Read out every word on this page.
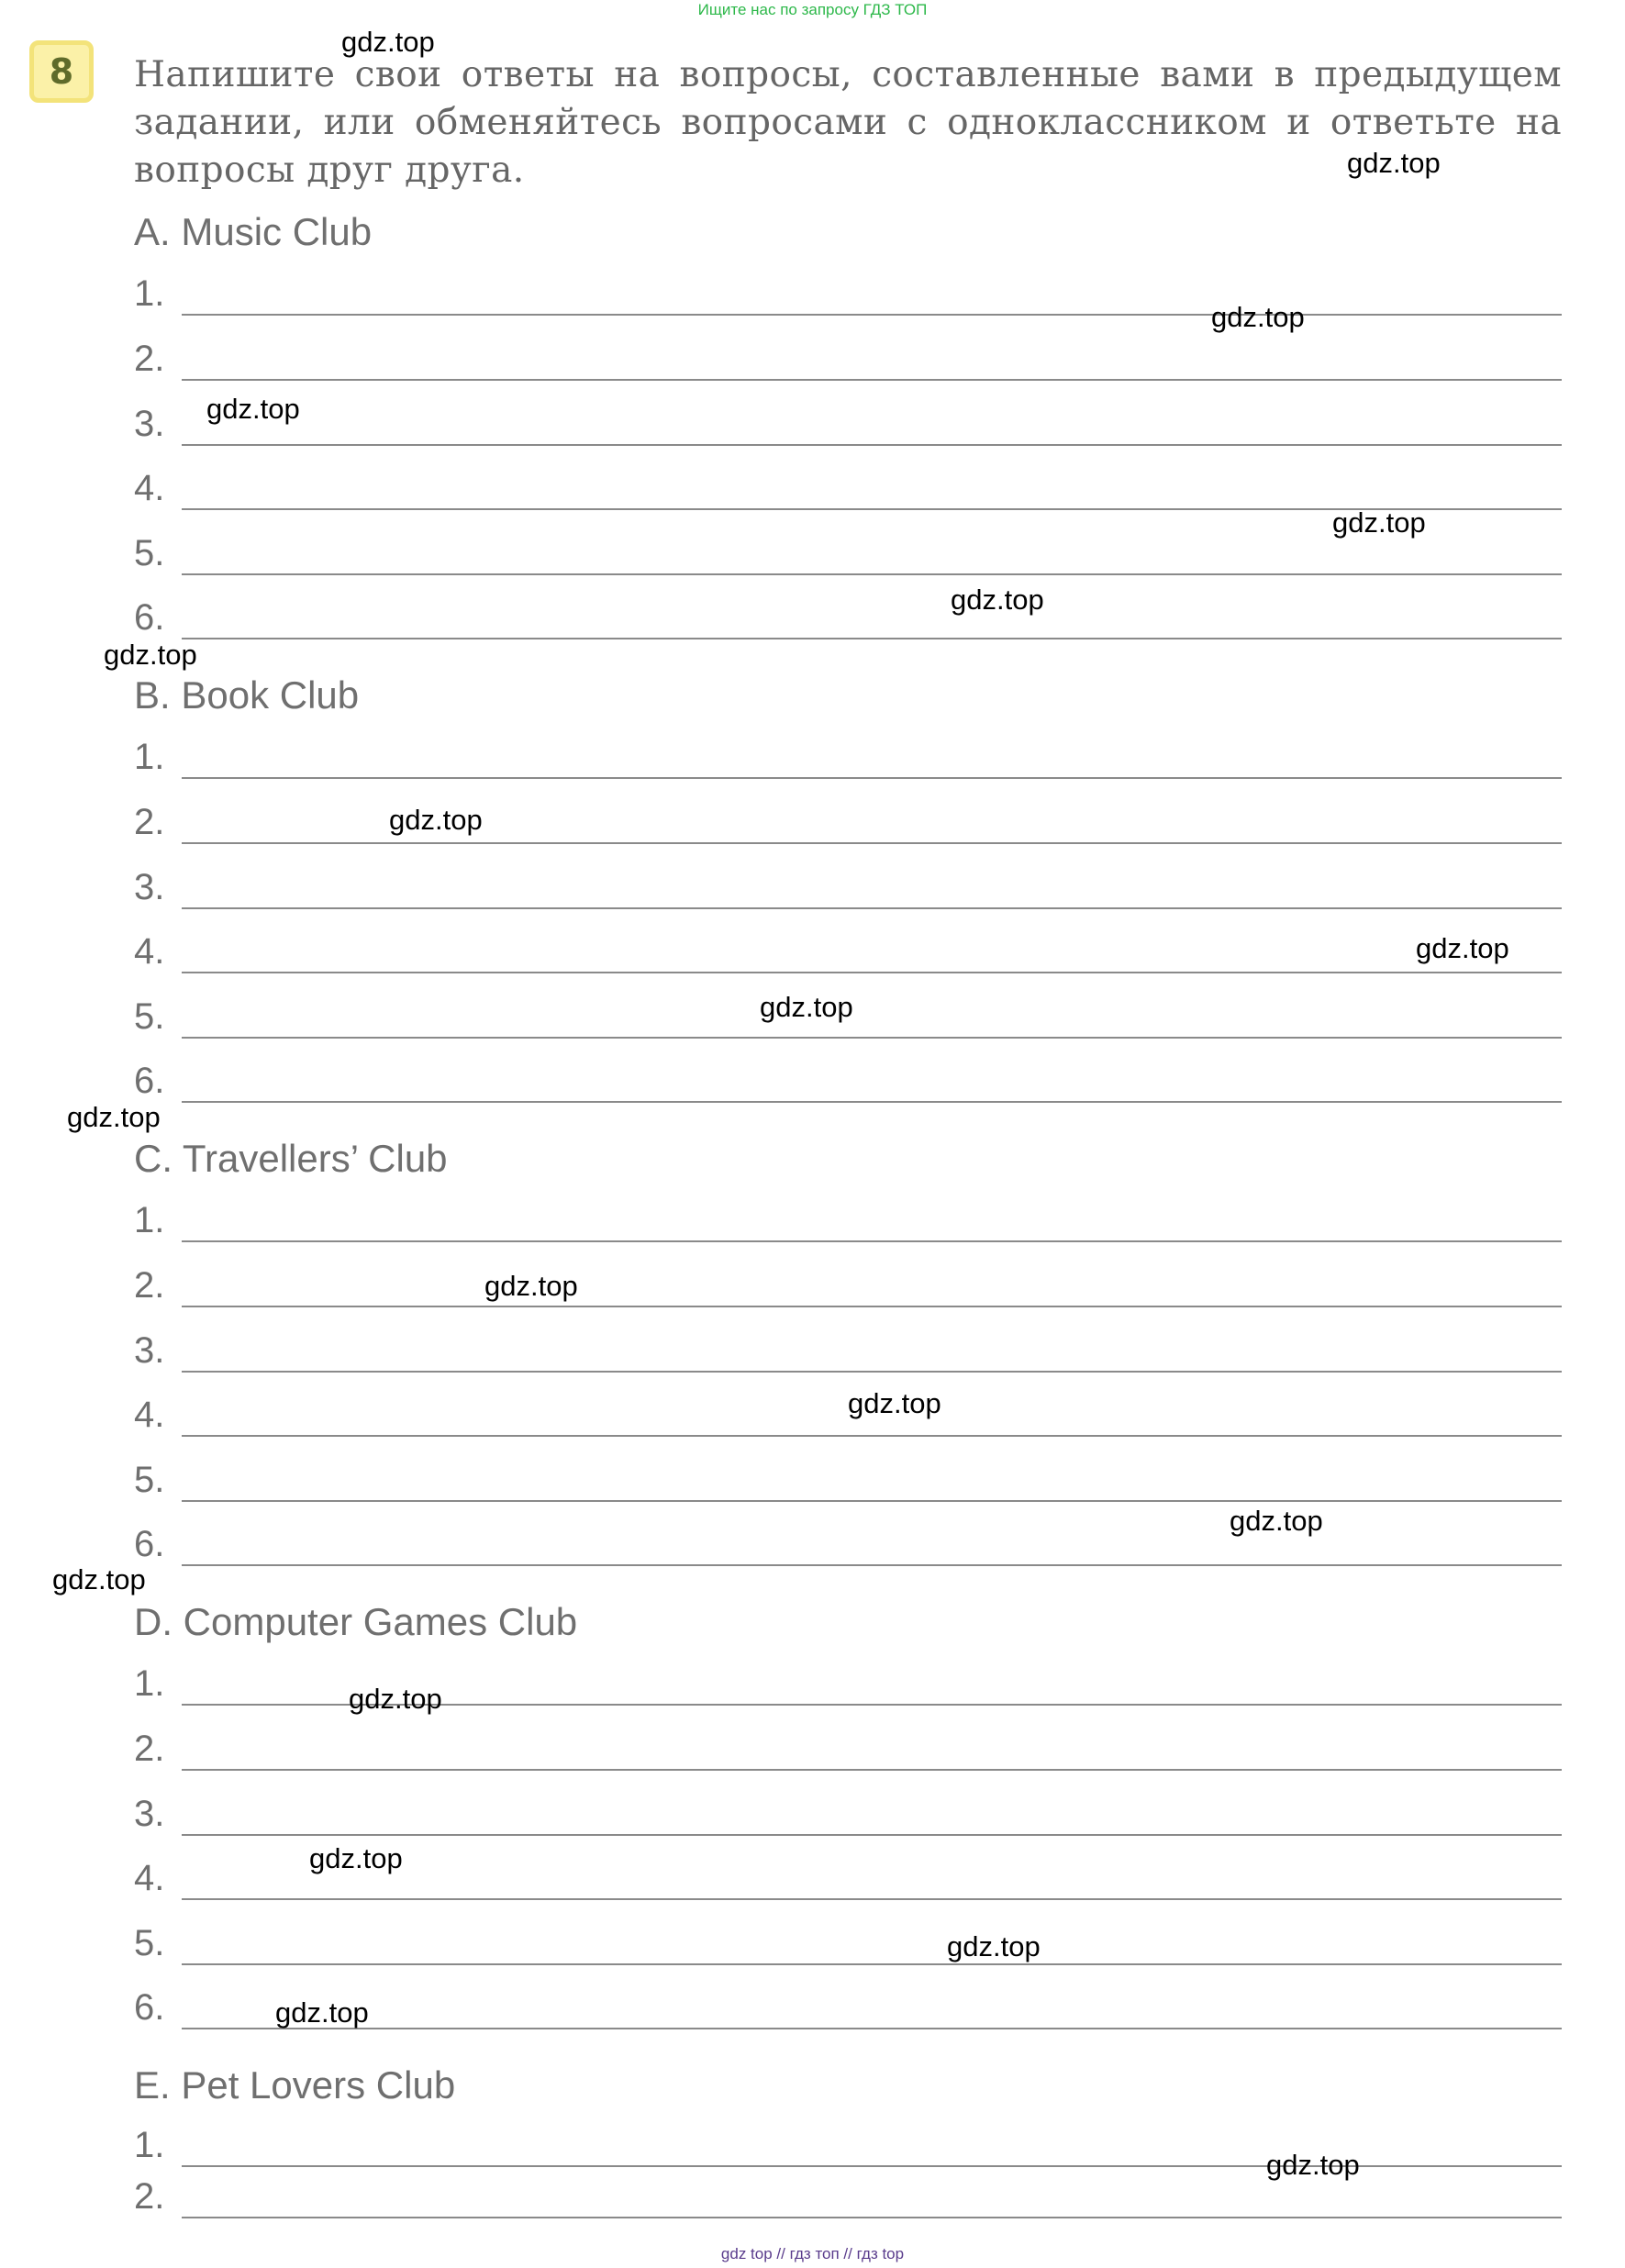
Ищите нас по запросу ГДЗ ТОП
8	Напишите свои ответы на вопросы, составленные вами в предыдущем задании, или обменяйтесь вопросами с одноклассником и ответьте на вопросы друг друга.
A. Music Club
1.
2.
3.
4.
5.
6.
B. Book Club
1.
2.
3.
4.
5.
6.
C. Travellers’ Club
1.
2.
3.
4.
5.
6.
D. Computer Games Club
1.
2.
3.
4.
5.
6.
E. Pet Lovers Club
1.
2.
gdz.top
gdz.top
gdz.top
gdz.top
gdz.top
gdz.top
gdz.top
gdz.top
gdz.top
gdz.top
gdz.top
gdz.top
gdz.top
gdz.top
gdz.top
gdz.top
gdz.top
gdz.top
gdz.top
gdz.top
gdz top // гдз топ // гдз top
